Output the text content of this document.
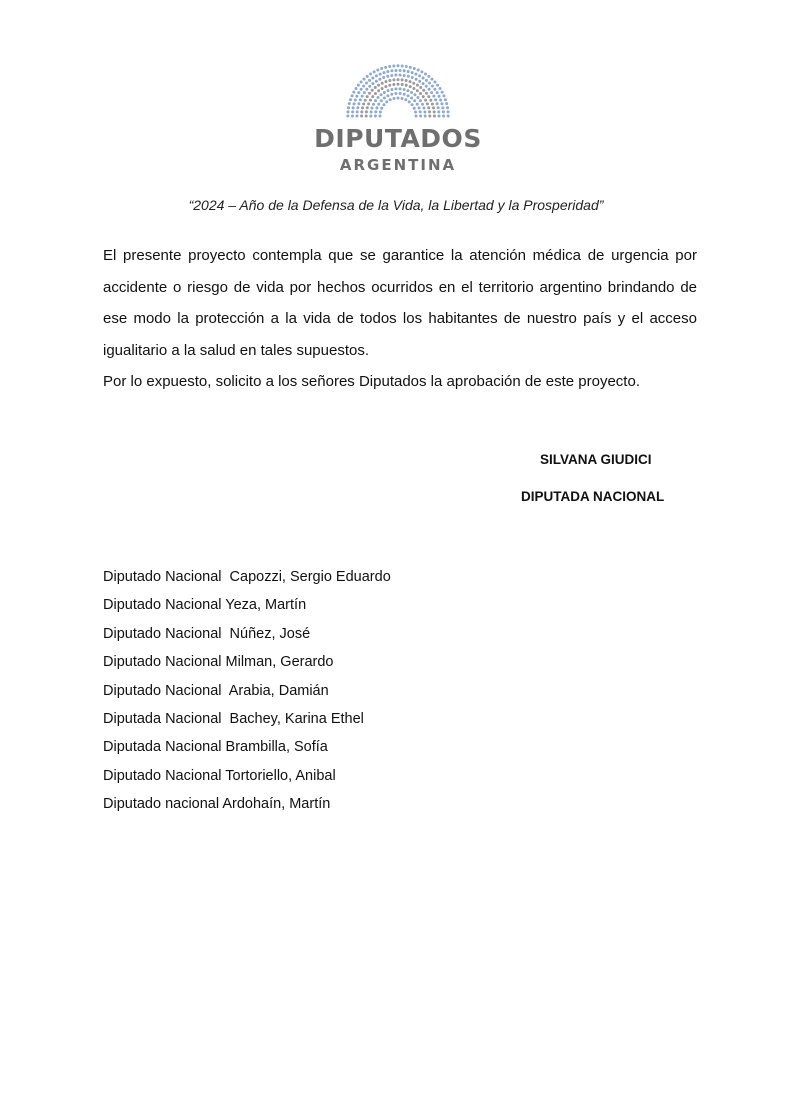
DIPUTADOS
ARGENTINA
“2024 – Año de la Defensa de la Vida, la Libertad y la Prosperidad”

El presente proyecto contempla que se garantice la atención médica de urgencia por accidente o riesgo de vida por hechos ocurridos en el territorio argentino brindando de ese modo la protección a la vida de todos los habitantes de nuestro país y el acceso igualitario a la salud en tales supuestos.

Por lo expuesto, solicito a los señores Diputados la aprobación de este proyecto.

SILVANA GIUDICI
DIPUTADA NACIONAL
Diputado Nacional  Capozzi, Sergio Eduardo
Diputado Nacional Yeza, Martín
Diputado Nacional  Núñez, José
Diputado Nacional Milman, Gerardo
Diputado Nacional  Arabia, Damián
Diputada Nacional  Bachey, Karina Ethel
Diputada Nacional Brambilla, Sofía
Diputado Nacional Tortoriello, Anibal
Diputado nacional Ardohaín, Martín
